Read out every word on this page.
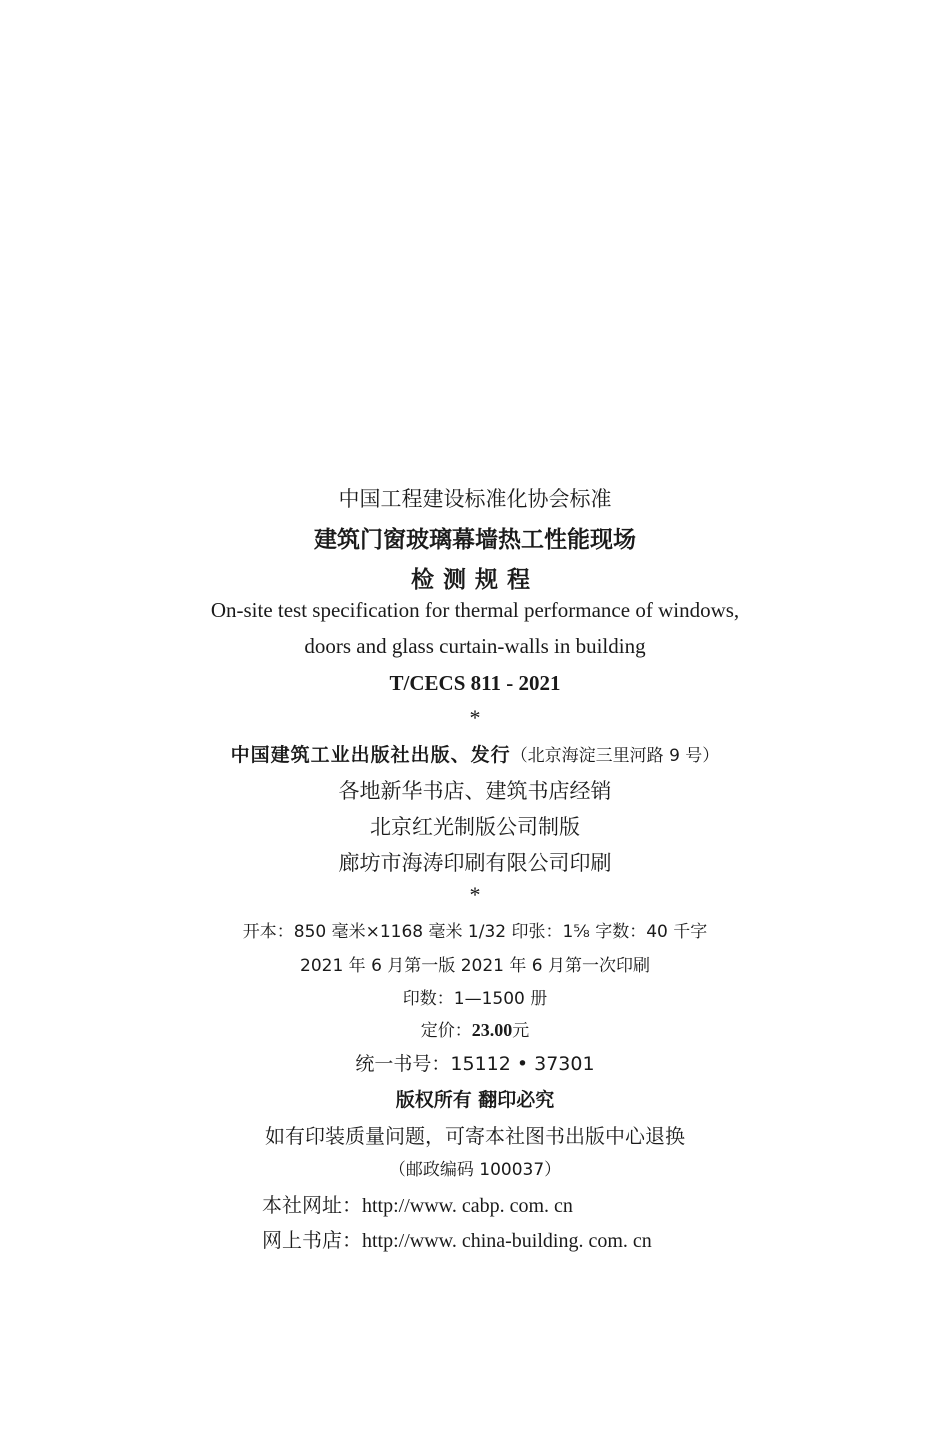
中国工程建设标准化协会标准
建筑门窗玻璃幕墙热工性能现场
检测规程
On-site test specification for thermal performance of windows,
doors and glass curtain-walls in building
T/CECS 811 - 2021
*
中国建筑工业出版社出版、发行（北京海淀三里河路 9 号）
各地新华书店、建筑书店经销
北京红光制版公司制版
廊坊市海涛印刷有限公司印刷
*
开本：850 毫米×1168 毫米 1/32 印张：1⅝ 字数：40 千字
2021 年 6 月第一版 2021 年 6 月第一次印刷
印数：1—1500 册
定价：23.00元
统一书号：15112 • 37301
版权所有 翻印必究
如有印装质量问题，可寄本社图书出版中心退换
（邮政编码 100037）
本社网址：http://www. cabp. com. cn
网上书店：http://www. china-building. com. cn
